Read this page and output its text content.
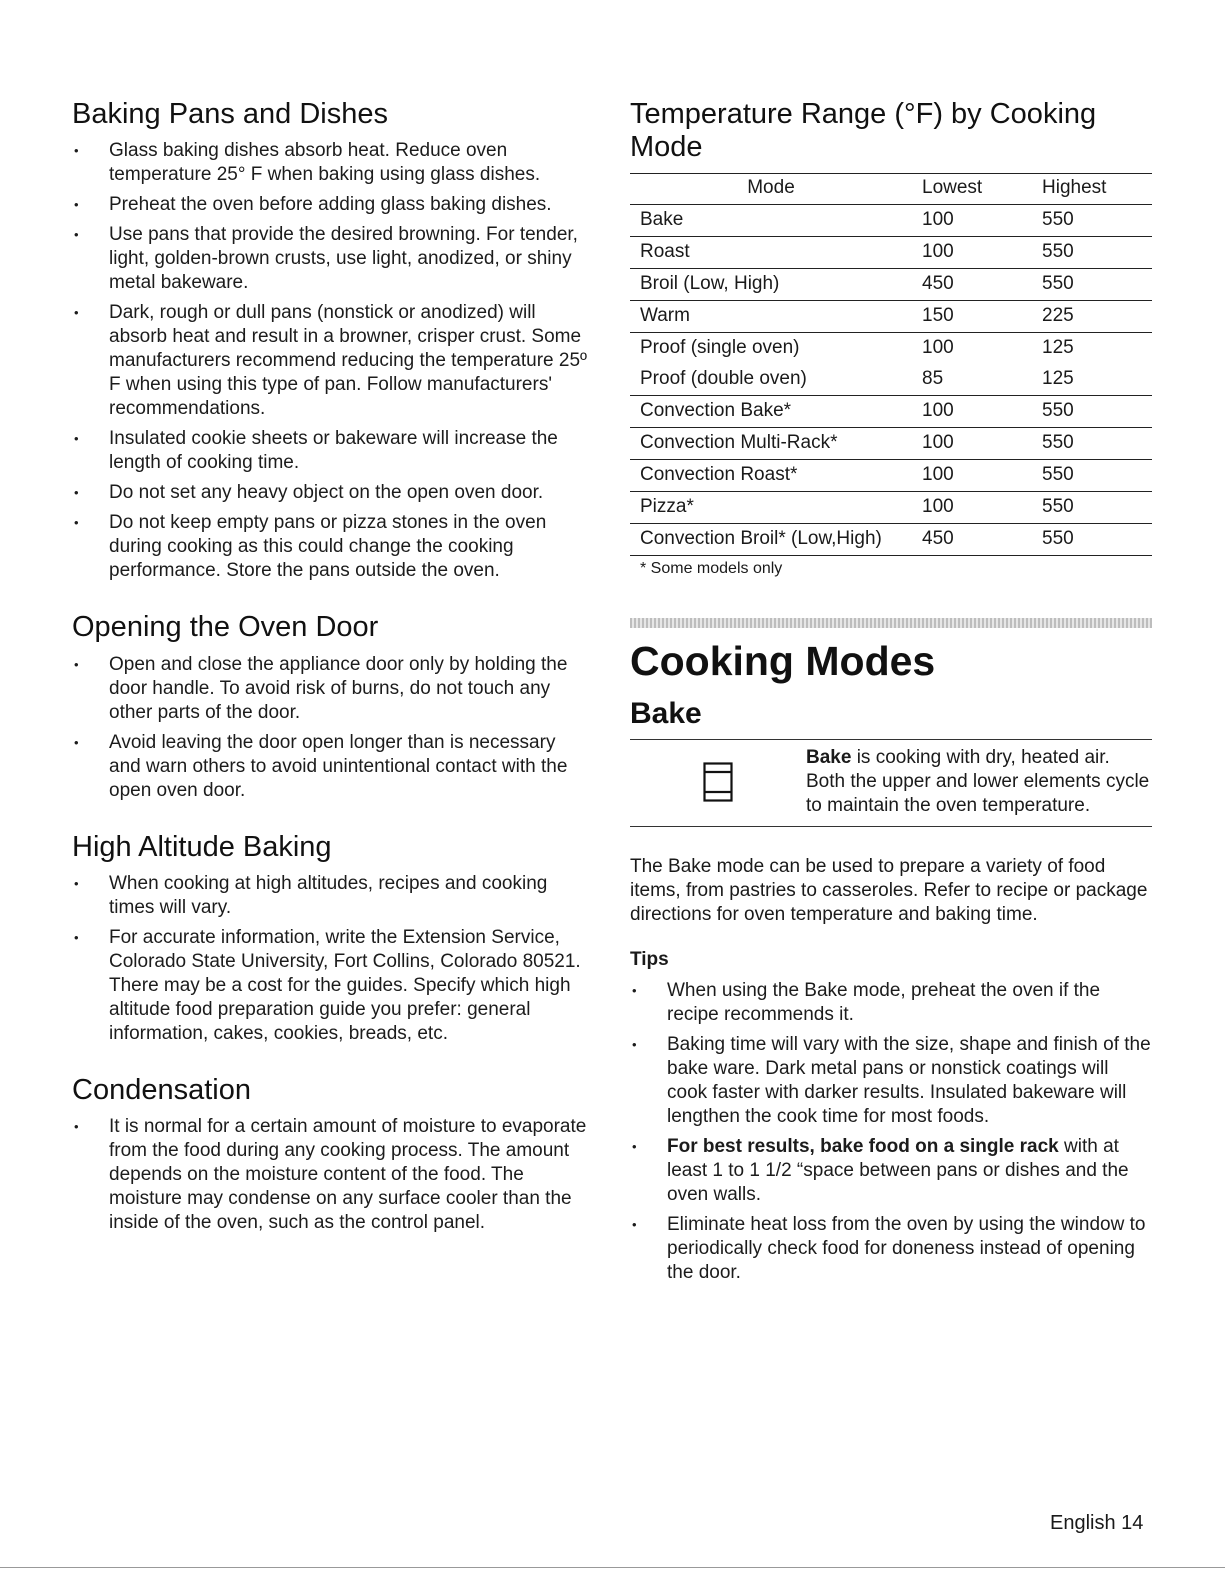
Baking Pans and Dishes
• Glass baking dishes absorb heat. Reduce oven temperature 25° F when baking using glass dishes.
• Preheat the oven before adding glass baking dishes.
• Use pans that provide the desired browning. For tender, light, golden-brown crusts, use light, anodized, or shiny metal bakeware.
• Dark, rough or dull pans (nonstick or anodized) will absorb heat and result in a browner, crisper crust. Some manufacturers recommend reducing the temperature 25º F when using this type of pan. Follow manufacturers' recommendations.
• Insulated cookie sheets or bakeware will increase the length of cooking time.
• Do not set any heavy object on the open oven door.
• Do not keep empty pans or pizza stones in the oven during cooking as this could change the cooking performance. Store the pans outside the oven.
Opening the Oven Door
• Open and close the appliance door only by holding the door handle. To avoid risk of burns, do not touch any other parts of the door.
• Avoid leaving the door open longer than is necessary and warn others to avoid unintentional contact with the open oven door.
High Altitude Baking
• When cooking at high altitudes, recipes and cooking times will vary.
• For accurate information, write the Extension Service, Colorado State University, Fort Collins, Colorado 80521. There may be a cost for the guides. Specify which high altitude food preparation guide you prefer: general information, cakes, cookies, breads, etc.
Condensation
• It is normal for a certain amount of moisture to evaporate from the food during any cooking process. The amount depends on the moisture content of the food. The moisture may condense on any surface cooler than the inside of the oven, such as the control panel.
Temperature Range (°F) by Cooking Mode
Mode	Lowest	Highest
Bake	100	550
Roast	100	550
Broil (Low, High)	450	550
Warm	150	225
Proof (single oven)	100	125
Proof (double oven)	85	125
Convection Bake*	100	550
Convection Multi-Rack*	100	550
Convection Roast*	100	550
Pizza*	100	550
Convection Broil* (Low,High)	450	550
* Some models only
Cooking Modes
Bake
Bake is cooking with dry, heated air. Both the upper and lower elements cycle to maintain the oven temperature.

The Bake mode can be used to prepare a variety of food items, from pastries to casseroles. Refer to recipe or package directions for oven temperature and baking time.

Tips
• When using the Bake mode, preheat the oven if the recipe recommends it.
• Baking time will vary with the size, shape and finish of the bake ware. Dark metal pans or nonstick coatings will cook faster with darker results. Insulated bakeware will lengthen the cook time for most foods.
• For best results, bake food on a single rack with at least 1 to 1 1/2 “space between pans or dishes and the oven walls.
• Eliminate heat loss from the oven by using the window to periodically check food for doneness instead of opening the door.
English 14
